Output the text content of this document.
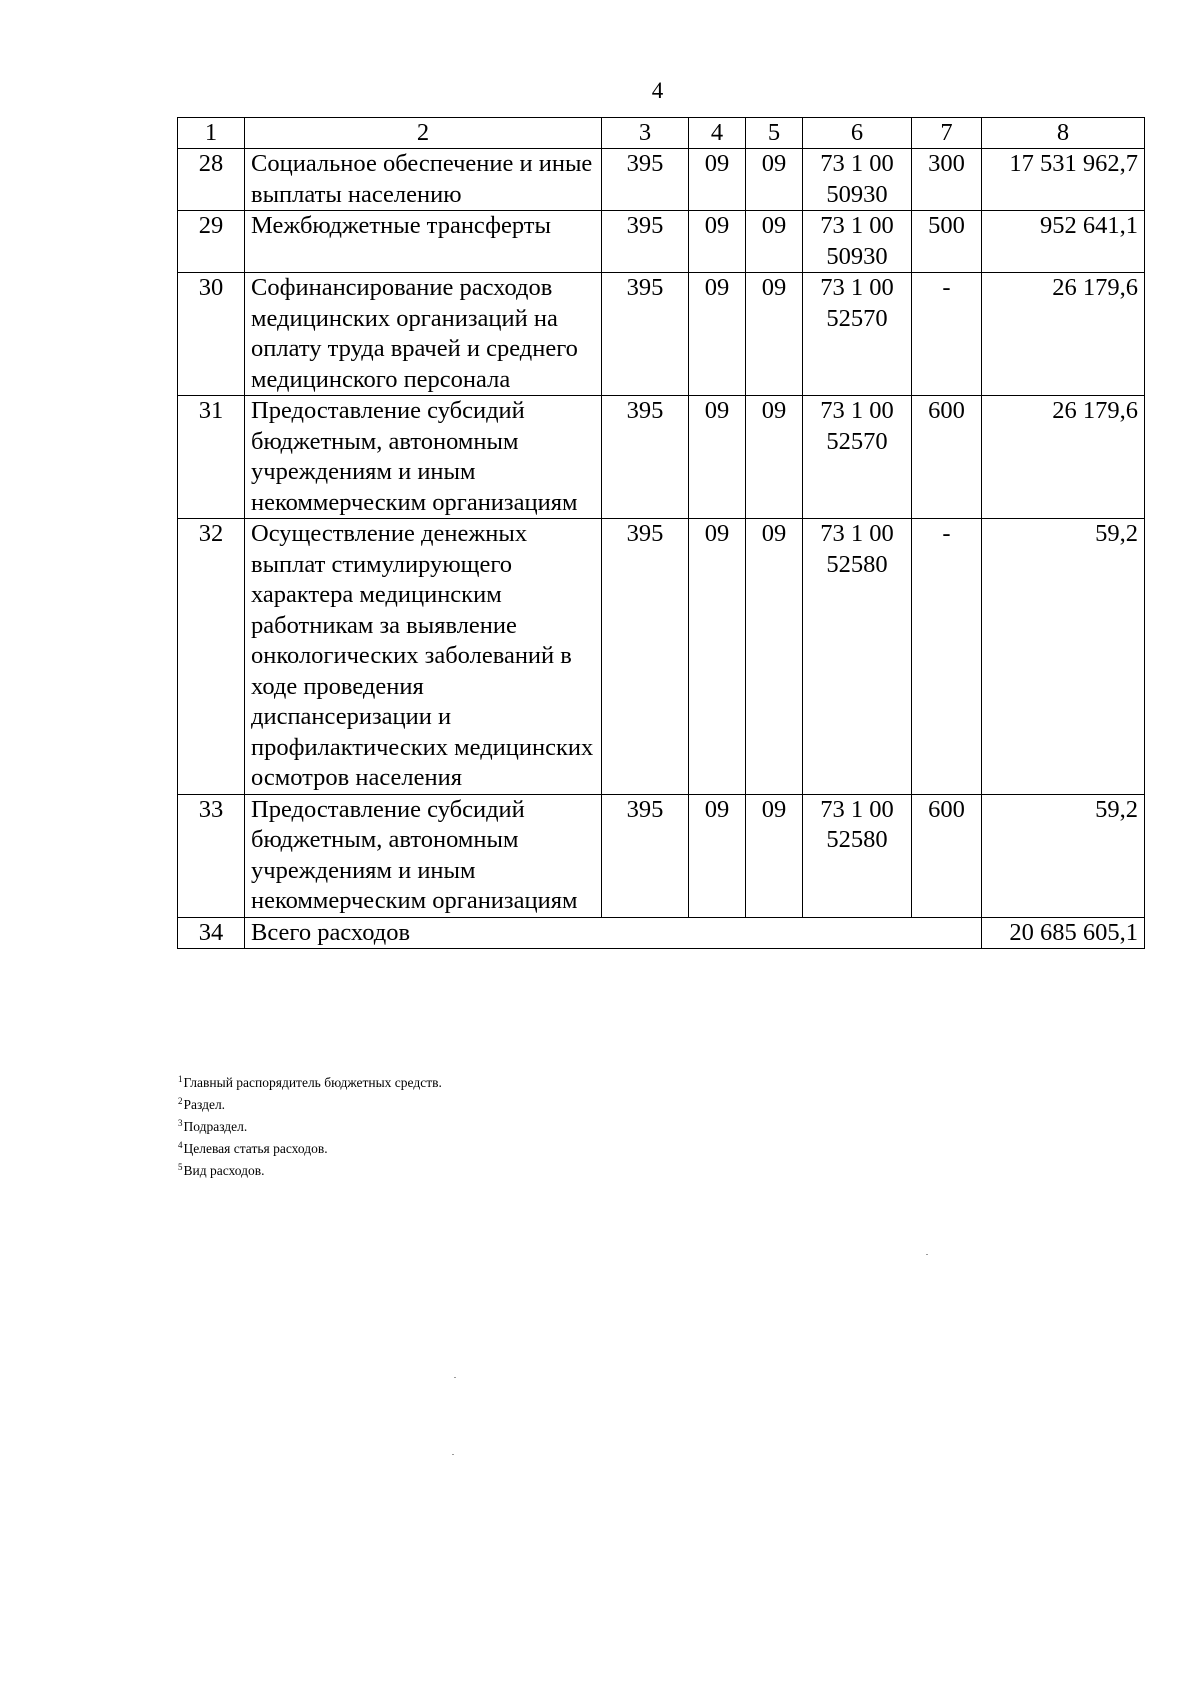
4
1	2	3	4	5	6	7	8
28	Социальное обеспечение и иные выплаты населению	395	09	09	73 1 00 50930	300	17 531 962,7
29	Межбюджетные трансферты	395	09	09	73 1 00 50930	500	952 641,1
30	Софинансирование расходов медицинских организаций на оплату труда врачей и среднего медицинского персонала	395	09	09	73 1 00 52570	-	26 179,6
31	Предоставление субсидий бюджетным, автономным учреждениям и иным некоммерческим организациям	395	09	09	73 1 00 52570	600	26 179,6
32	Осуществление денежных выплат стимулирующего характера медицинским работникам за выявление онкологических заболеваний в ходе проведения диспансеризации и профилактических медицинских осмотров населения	395	09	09	73 1 00 52580	-	59,2
33	Предоставление субсидий бюджетным, автономным учреждениям и иным некоммерческим организациям	395	09	09	73 1 00 52580	600	59,2
34	Всего расходов						20 685 605,1
$^1$Главный распорядитель бюджетных средств.
$^2$Раздел.
$^3$Подраздел.
$^4$Целевая статья расходов.
$^5$Вид расходов.
